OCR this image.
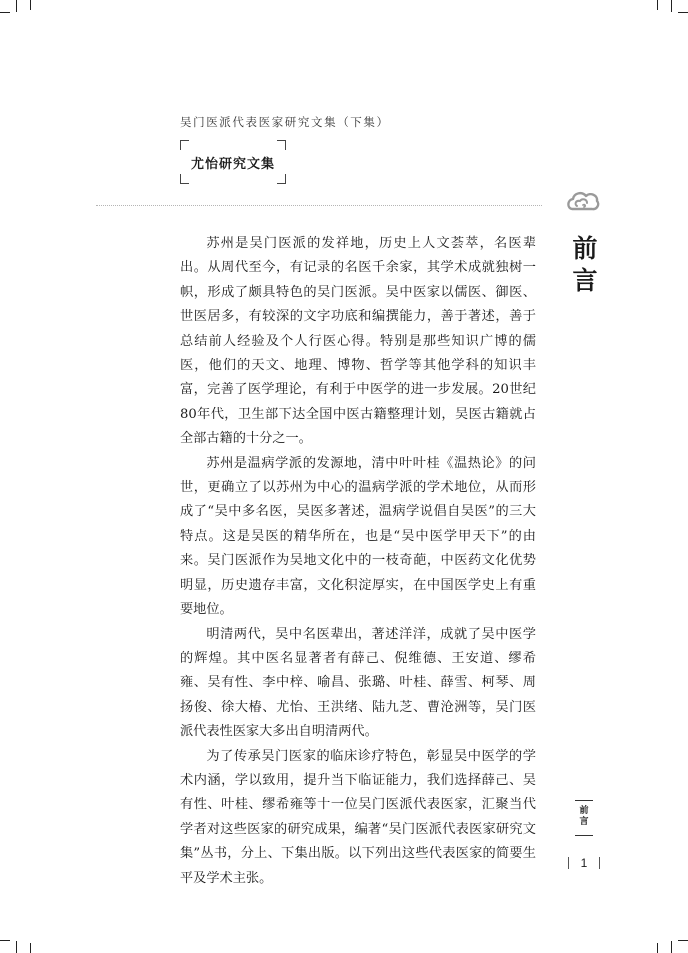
吴门医派代表医家研究文集（下集）
尤怡研究文集
前言

苏州是吴门医派的发祥地，历史上人文荟萃，名医辈出。从周代至今，有记录的名医千余家，其学术成就独树一帜，形成了颇具特色的吴门医派。吴中医家以儒医、御医、世医居多，有较深的文字功底和编撰能力，善于著述，善于总结前人经验及个人行医心得。特别是那些知识广博的儒医，他们的天文、地理、博物、哲学等其他学科的知识丰富，完善了医学理论，有利于中医学的进一步发展。20世纪80年代，卫生部下达全国中医古籍整理计划，吴医古籍就占全部古籍的十分之一。

苏州是温病学派的发源地，清中叶叶桂《温热论》的问世，更确立了以苏州为中心的温病学派的学术地位，从而形成了“吴中多名医，吴医多著述，温病学说倡自吴医”的三大特点。这是吴医的精华所在，也是“吴中医学甲天下”的由来。吴门医派作为吴地文化中的一枝奇葩，中医药文化优势明显，历史遗存丰富，文化积淀厚实，在中国医学史上有重要地位。

明清两代，吴中名医辈出，著述洋洋，成就了吴中医学的辉煌。其中医名显著者有薛己、倪维德、王安道、缪希雍、吴有性、李中梓、喻昌、张璐、叶桂、薛雪、柯琴、周扬俊、徐大椿、尤怡、王洪绪、陆九芝、曹沧洲等，吴门医派代表性医家大多出自明清两代。

为了传承吴门医家的临床诊疗特色，彰显吴中医学的学术内涵，学以致用，提升当下临证能力，我们选择薛己、吴有性、叶桂、缪希雍等十一位吴门医派代表医家，汇聚当代学者对这些医家的研究成果，编著“吴门医派代表医家研究文集”丛书，分上、下集出版。以下列出这些代表医家的简要生平及学术主张。

前言
1
